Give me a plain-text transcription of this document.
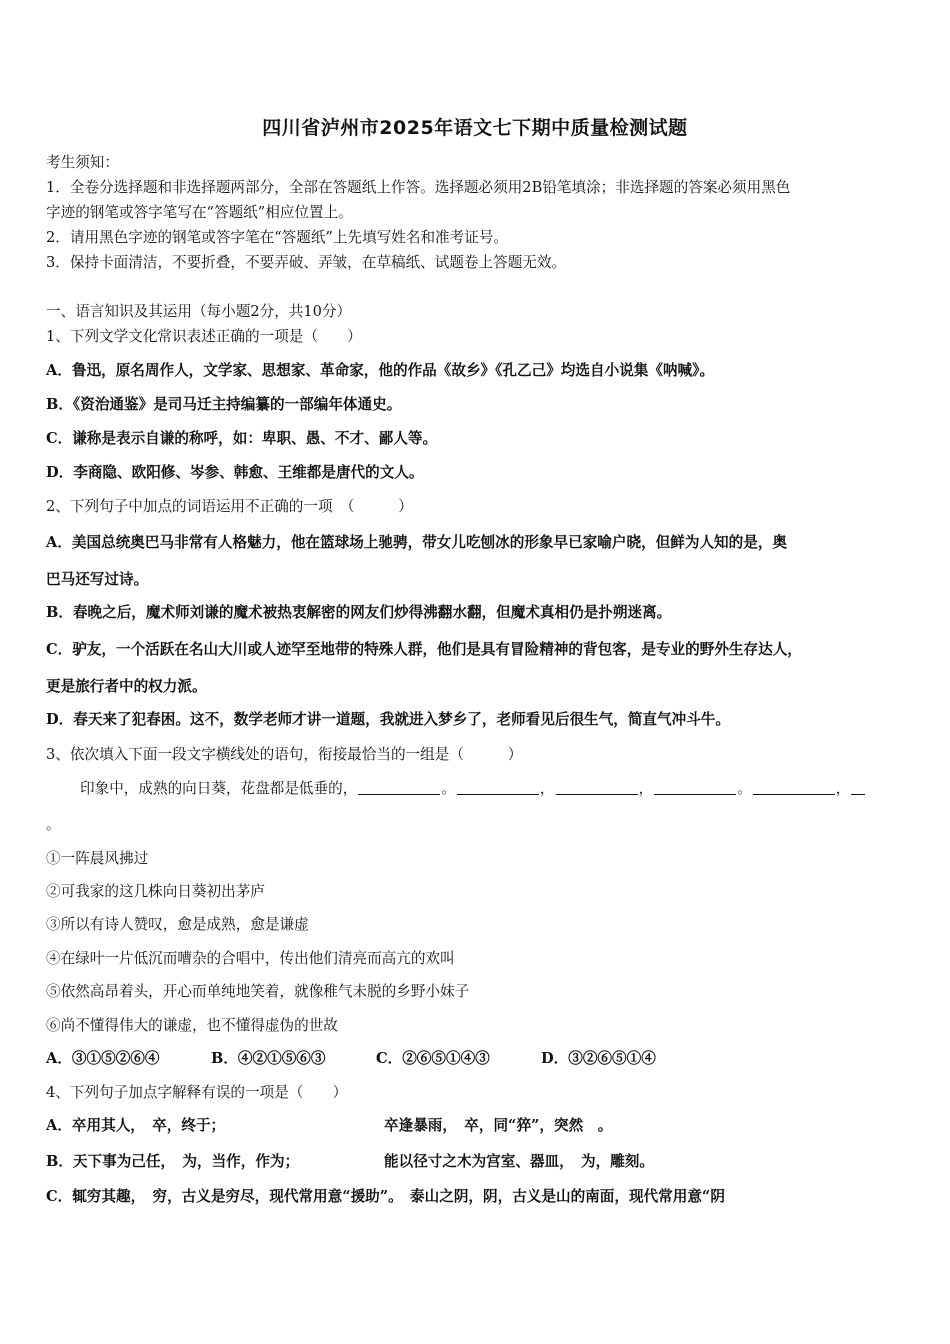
四川省泸州市2025年语文七下期中质量检测试题
考生须知：
1．全卷分选择题和非选择题两部分，全部在答题纸上作答。选择题必须用2B铅笔填涂；非选择题的答案必须用黑色
字迹的钢笔或答字笔写在“答题纸”相应位置上。
2．请用黑色字迹的钢笔或答字笔在“答题纸”上先填写姓名和准考证号。
3．保持卡面清洁，不要折叠，不要弄破、弄皱，在草稿纸、试题卷上答题无效。
一、语言知识及其运用（每小题2分，共10分）
1、下列文学文化常识表述正确的一项是（　　）
A．鲁迅，原名周作人，文学家、思想家、革命家，他的作品《故乡》《孔乙己》均选自小说集《呐喊》。
B．《资治通鉴》是司马迁主持编纂的一部编年体通史。
C．谦称是表示自谦的称呼，如：卑职、愚、不才、鄙人等。
D．李商隐、欧阳修、岑参、韩愈、王维都是唐代的文人。
2、下列句子中加点的词语运用不正确的一项　（　　　）
A．美国总统奥巴马非常有人格魅力，他在篮球场上驰骋，带女儿吃刨冰的形象早已家喻户晓，但鲜为人知的是，奥
巴马还写过诗。
B．春晚之后，魔术师刘谦的魔术被热衷解密的网友们炒得沸翻水翻，但魔术真相仍是扑朔迷离。
C．驴友，一个活跃在名山大川或人迹罕至地带的特殊人群，他们是具有冒险精神的背包客，是专业的野外生存达人，
更是旅行者中的权力派。
D．春天来了犯春困。这不，数学老师才讲一道题，我就进入梦乡了，老师看见后很生气，简直气冲斗牛。
3、依次填入下面一段文字横线处的语句，衔接最恰当的一组是（　　　）
印象中，成熟的向日葵，花盘都是低垂的，	。	，	，	。	，
。
①一阵晨风拂过
②可我家的这几株向日葵初出茅庐
③所以有诗人赞叹，愈是成熟，愈是谦虚
④在绿叶一片低沉而嘈杂的合唱中，传出他们清亮而高亢的欢叫
⑤依然高昂着头，开心而单纯地笑着，就像稚气未脱的乡野小妹子
⑥尚不懂得伟大的谦虚，也不懂得虚伪的世故
A．③①⑤②⑥④	B．④②①⑤⑥③	C．②⑥⑤①④③	D．③②⑥⑤①④
4、下列句子加点字解释有误的一项是（　　）
A．卒用其人，　卒，终于；	卒逢暴雨，　卒，同“猝”，突然　。
B．天下事为己任，　为，当作，作为；	能以径寸之木为宫室、器皿，　为，雕刻。
C．辄穷其趣，　穷，古义是穷尽，现代常用意“援助”。　泰山之阴，阴，古义是山的南面，现代常用意“阴
